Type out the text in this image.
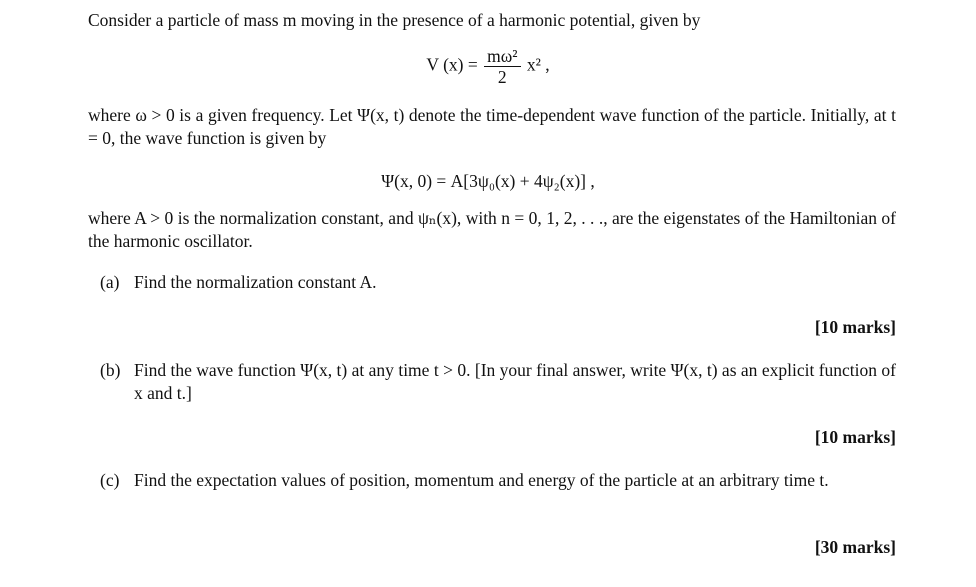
Consider a particle of mass m moving in the presence of a harmonic potential, given by
V $(x) = \frac{\text{mω²}}{2} x^2$ ,
where ω > 0 is a given frequency. Let Ψ(x, t) denote the time-dependent wave function of the particle. Initially, at t = 0, the wave function is given by
Ψ(x, 0) = A[3ψ₀(x) + 4ψ₂(x)] ,
where A > 0 is the normalization constant, and ψₙ(x), with n = 0, 1, 2, . . ., are the eigenstates of the Hamiltonian of the harmonic oscillator.
(a) Find the normalization constant A.
[10 marks]
(b) Find the wave function Ψ(x, t) at any time t > 0. [In your final answer, write Ψ(x, t) as an explicit function of x and t.]
[10 marks]
(c) Find the expectation values of position, momentum and energy of the particle at an arbitrary time t.
[30 marks]
